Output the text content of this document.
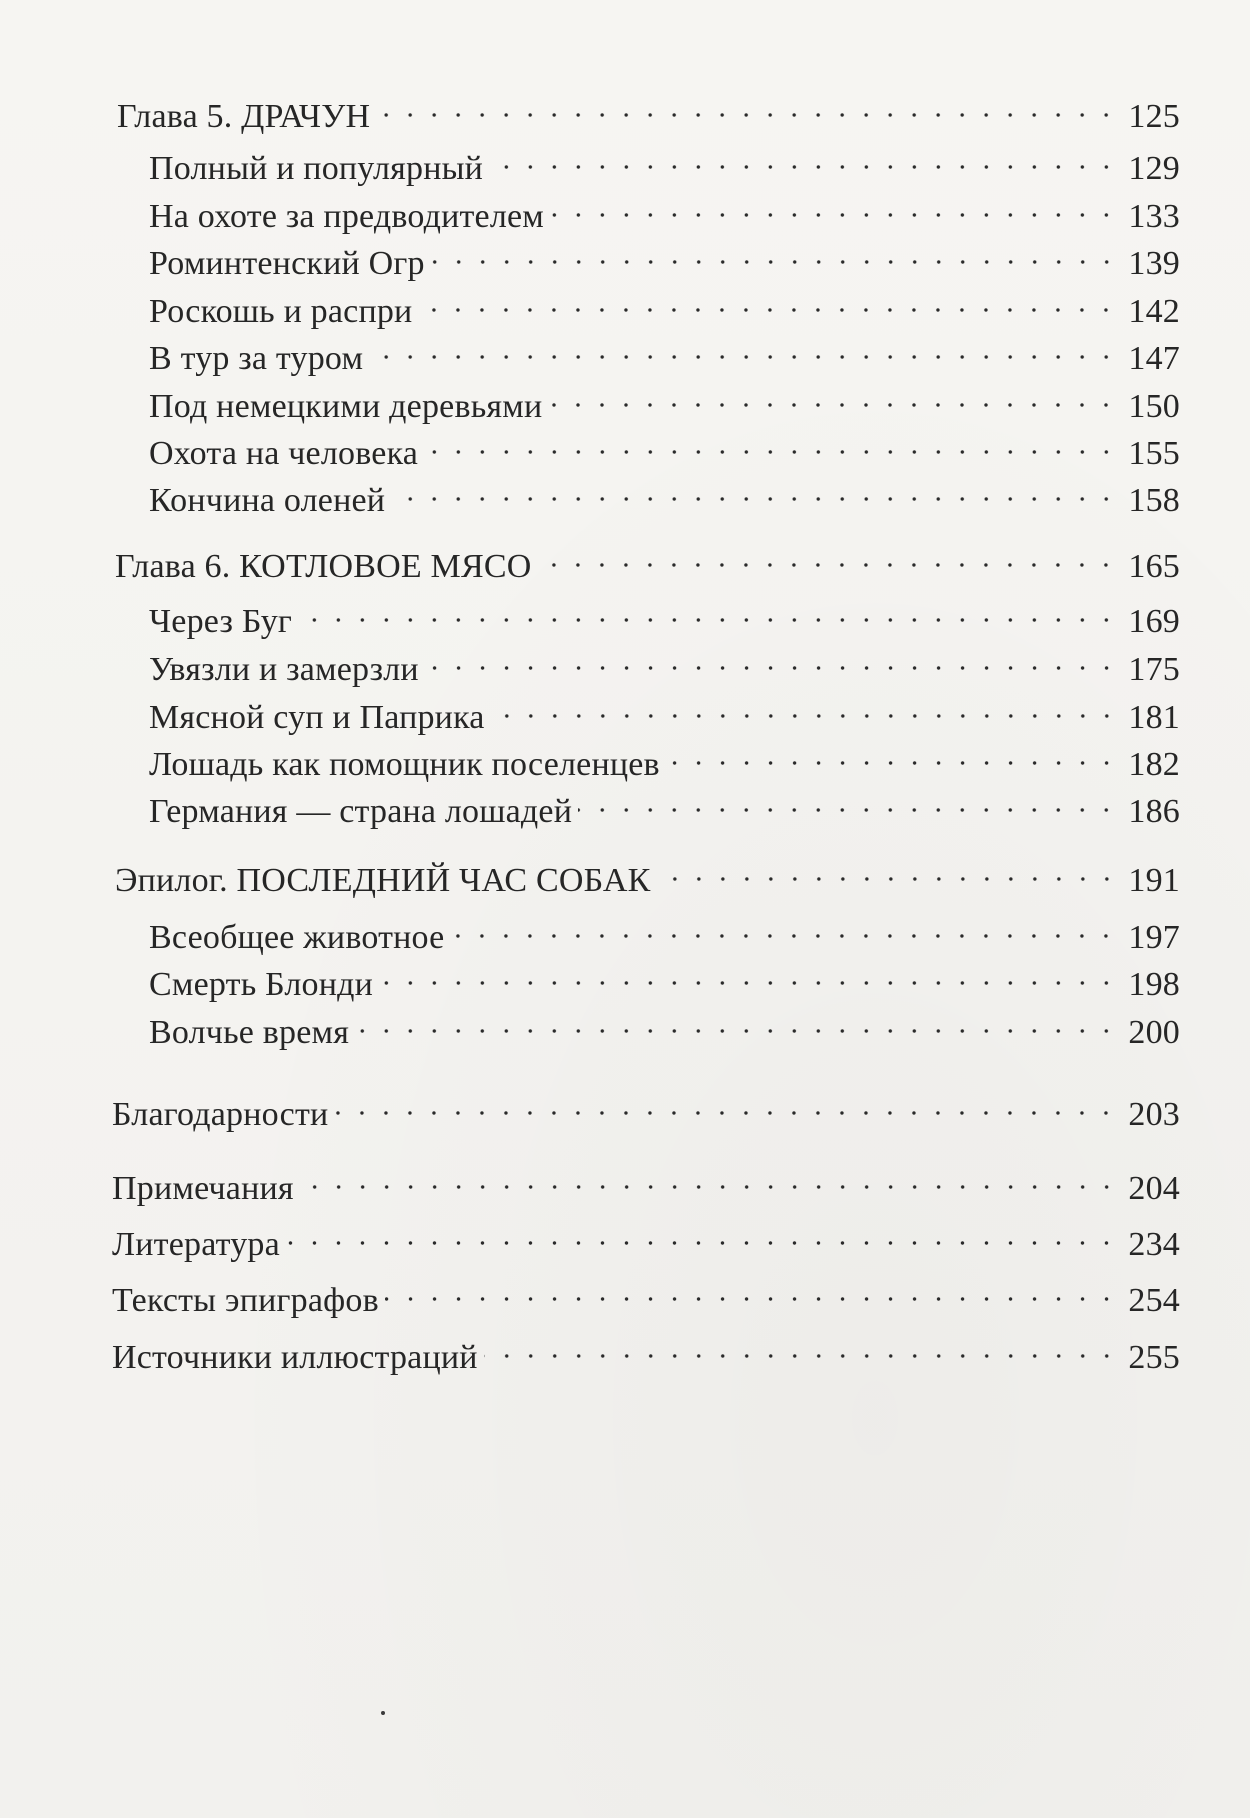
Глава 5. ДРАЧУН	125
Полный и популярный	129
На охоте за предводителем	133
Роминтенский Огр	139
Роскошь и распри	142
В тур за туром	147
Под немецкими деревьями	150
Охота на человека	155
Кончина оленей	158
Глава 6. КОТЛОВОЕ МЯСО	165
Через Буг	169
Увязли и замерзли	175
Мясной суп и Паприка	181
Лошадь как помощник поселенцев	182
Германия — страна лошадей	186
Эпилог. ПОСЛЕДНИЙ ЧАС СОБАК	191
Всеобщее животное	197
Смерть Блонди	198
Волчье время	200
Благодарности	203
Примечания	204
Литература	234
Тексты эпиграфов	254
Источники иллюстраций	255
